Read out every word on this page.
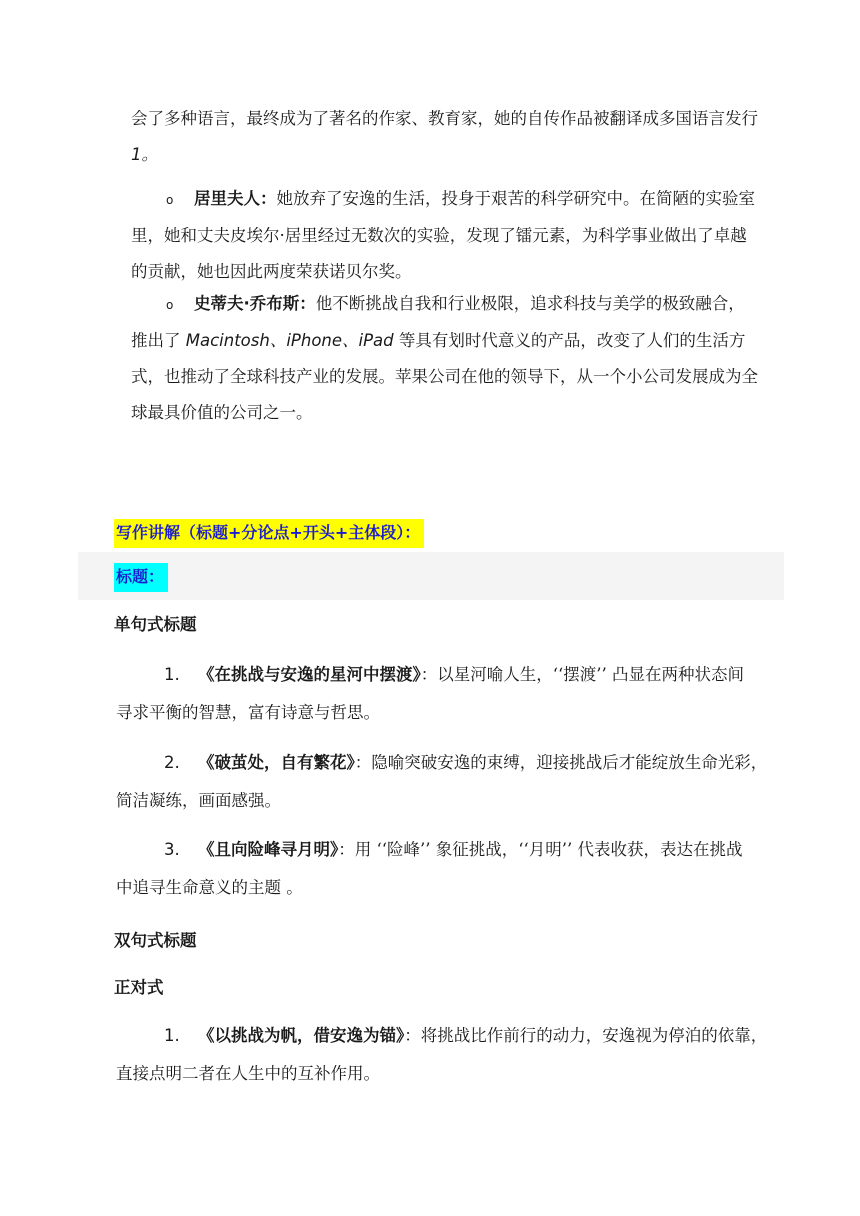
会了多种语言，最终成为了著名的作家、教育家，她的自传作品被翻译成多国语言发行
1。
o 居里夫人：她放弃了安逸的生活，投身于艰苦的科学研究中。在简陋的实验室
里，她和丈夫皮埃尔·居里经过无数次的实验，发现了镭元素，为科学事业做出了卓越
的贡献，她也因此两度荣获诺贝尔奖。
o 史蒂夫·乔布斯：他不断挑战自我和行业极限，追求科技与美学的极致融合，
推出了 Macintosh、iPhone、iPad 等具有划时代意义的产品，改变了人们的生活方
式，也推动了全球科技产业的发展。苹果公司在他的领导下，从一个小公司发展成为全
球最具价值的公司之一。
写作讲解（标题+分论点+开头+主体段）：
标题：
单句式标题
1. 《在挑战与安逸的星河中摆渡》：以星河喻人生，‘‘摆渡’’ 凸显在两种状态间
寻求平衡的智慧，富有诗意与哲思。
2. 《破茧处，自有繁花》：隐喻突破安逸的束缚，迎接挑战后才能绽放生命光彩，
简洁凝练，画面感强。
3. 《且向险峰寻月明》：用 ‘‘险峰’’ 象征挑战，‘‘月明’’ 代表收获，表达在挑战
中追寻生命意义的主题 。
双句式标题
正对式
1. 《以挑战为帆，借安逸为锚》：将挑战比作前行的动力，安逸视为停泊的依靠，
直接点明二者在人生中的互补作用。
